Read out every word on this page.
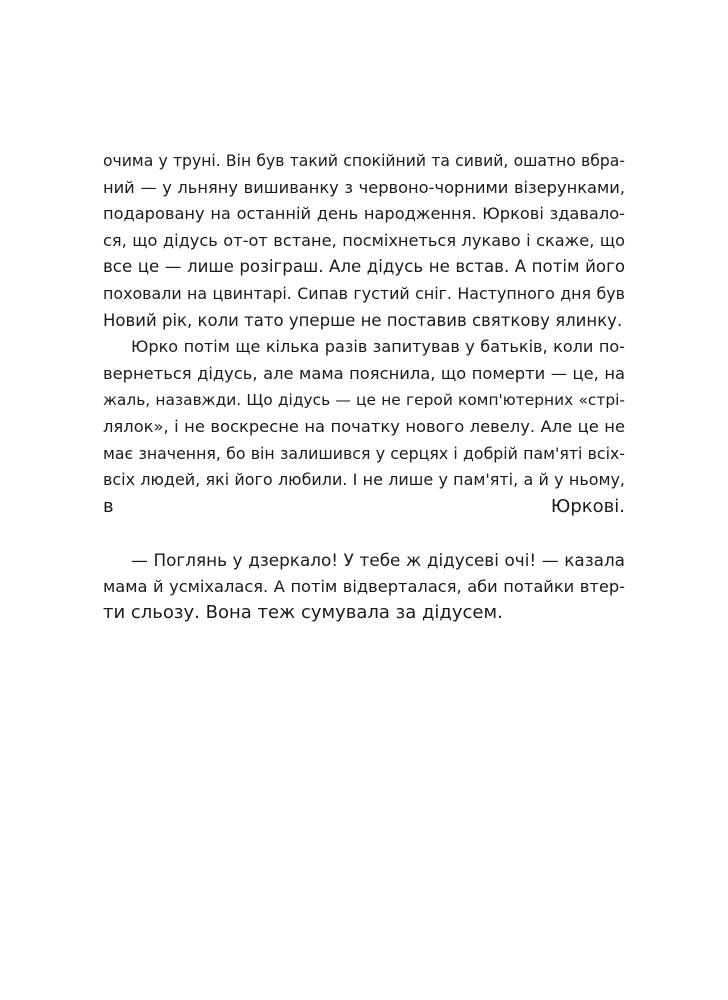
очима у труні. Він був такий спокійний та сивий, ошатно вбра-
ний — у льняну вишиванку з червоно-чорними візерунками,
подаровану на останній день народження. Юркові здавало-
ся, що дідусь от-от встане, посміхнеться лукаво і скаже, що
все це — лише розіграш. Але дідусь не встав. А потім його
поховали на цвинтарі. Сипав густий сніг. Наступного дня був
Новий рік, коли тато уперше не поставив святкову ялинку.
Юрко потім ще кілька разів запитував у батьків, коли по-
вернеться дідусь, але мама пояснила, що померти — це, на
жаль, назавжди. Що дідусь — це не герой комп'ютерних «стрі-
лялок», і не воскресне на початку нового левелу. Але це не
має значення, бо він залишився у серцях і добрій пам'яті всіх-
всіх людей, які його любили. І не лише у пам'яті, а й у ньому,
в Юркові.
— Поглянь у дзеркало! У тебе ж дідусеві очі! — казала
мама й усміхалася. А потім відверталася, аби потайки втер-
ти сльозу. Вона теж сумувала за дідусем.
